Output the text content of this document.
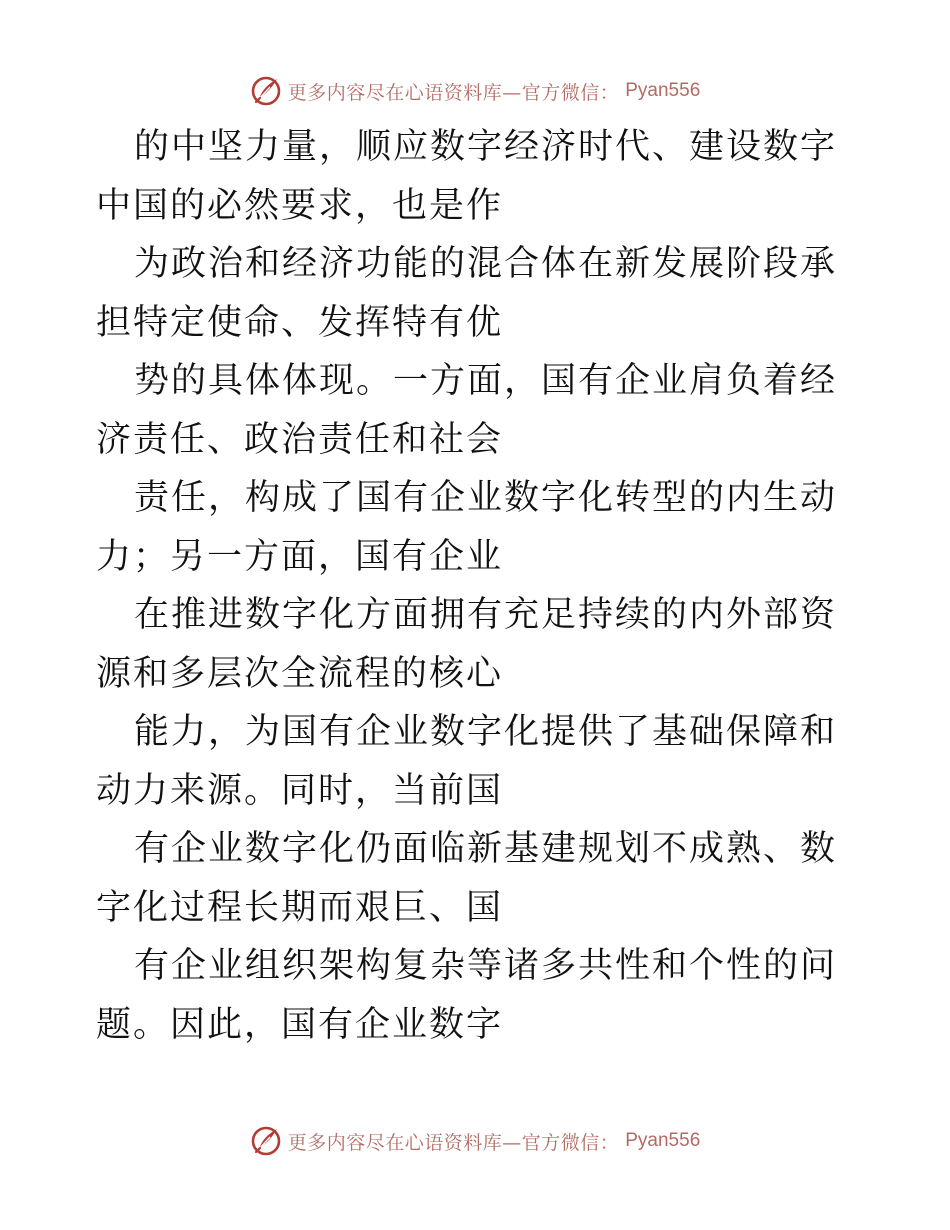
更多内容尽在心语资料库—官方微信： Pyan556

的中坚力量，顺应数字经济时代、建设数字中国的必然要求，也是作

为政治和经济功能的混合体在新发展阶段承担特定使命、发挥特有优

势的具体体现。一方面，国有企业肩负着经济责任、政治责任和社会

责任，构成了国有企业数字化转型的内生动力；另一方面，国有企业

在推进数字化方面拥有充足持续的内外部资源和多层次全流程的核心

能力，为国有企业数字化提供了基础保障和动力来源。同时，当前国

有企业数字化仍面临新基建规划不成熟、数字化过程长期而艰巨、国

有企业组织架构复杂等诸多共性和个性的问题。因此，国有企业数字

更多内容尽在心语资料库—官方微信： Pyan556
